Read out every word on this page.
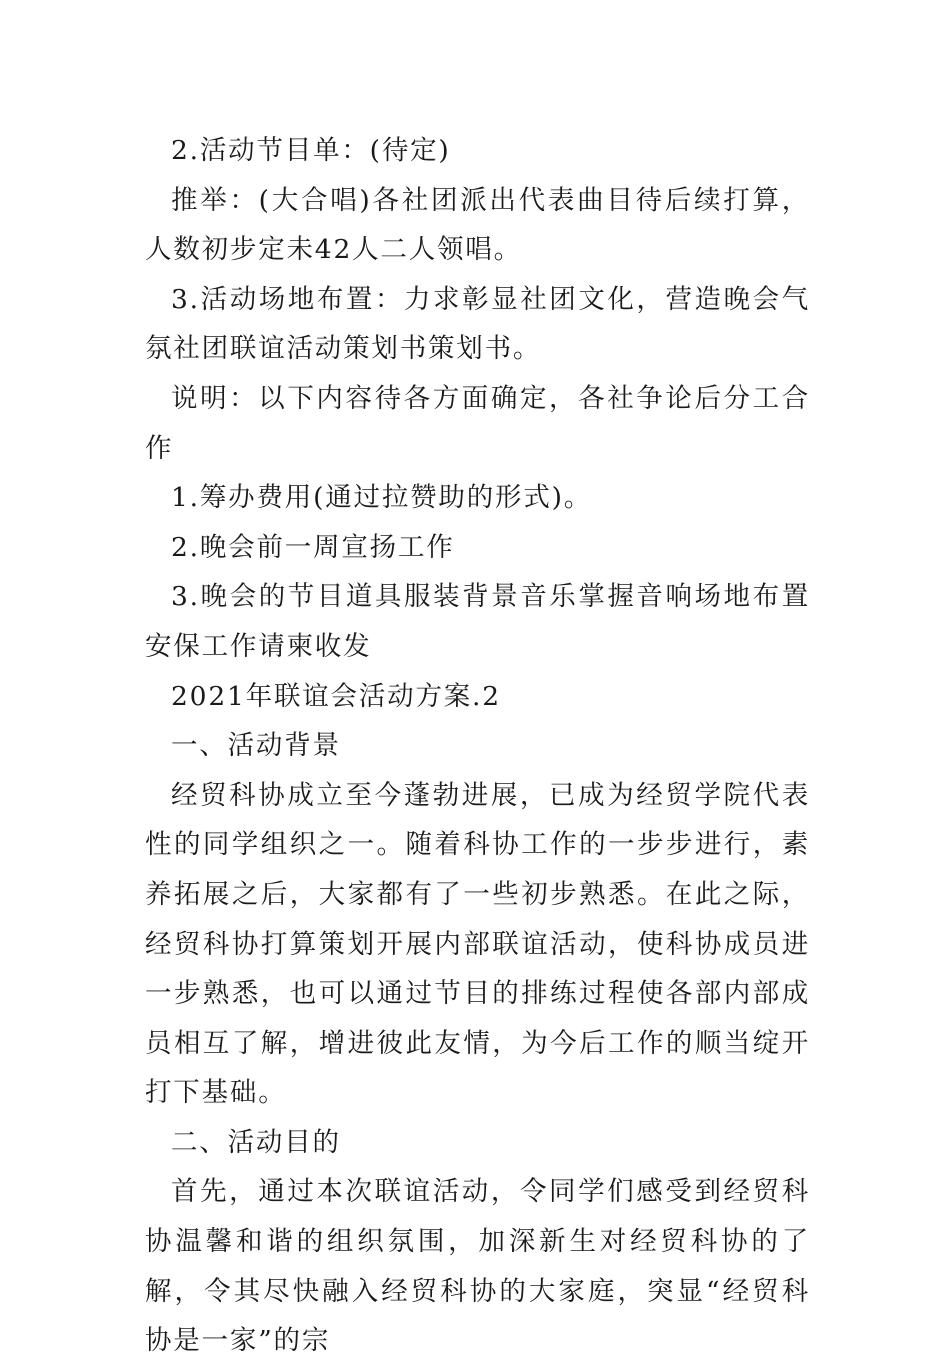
2.活动节目单：(待定)

推举：(大合唱)各社团派出代表曲目待后续打算，人数初步定未42人二人领唱。

3.活动场地布置：力求彰显社团文化，营造晚会气氛社团联谊活动策划书策划书。

说明：以下内容待各方面确定，各社争论后分工合作

1.筹办费用(通过拉赞助的形式)。

2.晚会前一周宣扬工作

3.晚会的节目道具服装背景音乐掌握音响场地布置安保工作请柬收发

2021年联谊会活动方案.2

一、活动背景

经贸科协成立至今蓬勃进展，已成为经贸学院代表性的同学组织之一。随着科协工作的一步步进行，素养拓展之后，大家都有了一些初步熟悉。在此之际，经贸科协打算策划开展内部联谊活动，使科协成员进一步熟悉，也可以通过节目的排练过程使各部内部成员相互了解，增进彼此友情，为今后工作的顺当绽开打下基础。

二、活动目的

首先，通过本次联谊活动，令同学们感受到经贸科协温馨和谐的组织氛围，加深新生对经贸科协的了解，令其尽快融入经贸科协的大家庭，突显“经贸科协是一家”的宗
